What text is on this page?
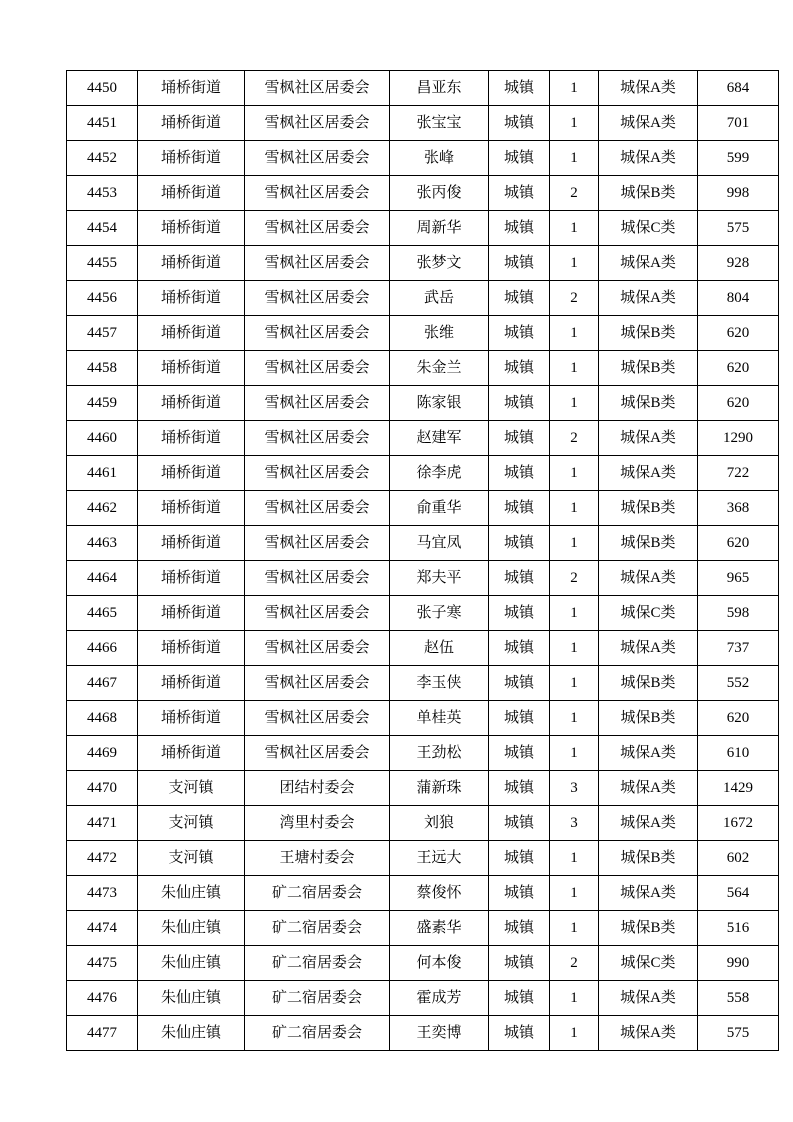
4450	埇桥街道	雪枫社区居委会	昌亚东	城镇	1	城保A类	684
4451	埇桥街道	雪枫社区居委会	张宝宝	城镇	1	城保A类	701
4452	埇桥街道	雪枫社区居委会	张峰	城镇	1	城保A类	599
4453	埇桥街道	雪枫社区居委会	张丙俊	城镇	2	城保B类	998
4454	埇桥街道	雪枫社区居委会	周新华	城镇	1	城保C类	575
4455	埇桥街道	雪枫社区居委会	张梦文	城镇	1	城保A类	928
4456	埇桥街道	雪枫社区居委会	武岳	城镇	2	城保A类	804
4457	埇桥街道	雪枫社区居委会	张维	城镇	1	城保B类	620
4458	埇桥街道	雪枫社区居委会	朱金兰	城镇	1	城保B类	620
4459	埇桥街道	雪枫社区居委会	陈家银	城镇	1	城保B类	620
4460	埇桥街道	雪枫社区居委会	赵建军	城镇	2	城保A类	1290
4461	埇桥街道	雪枫社区居委会	徐李虎	城镇	1	城保A类	722
4462	埇桥街道	雪枫社区居委会	俞重华	城镇	1	城保B类	368
4463	埇桥街道	雪枫社区居委会	马宜凤	城镇	1	城保B类	620
4464	埇桥街道	雪枫社区居委会	郑夫平	城镇	2	城保A类	965
4465	埇桥街道	雪枫社区居委会	张子寒	城镇	1	城保C类	598
4466	埇桥街道	雪枫社区居委会	赵伍	城镇	1	城保A类	737
4467	埇桥街道	雪枫社区居委会	李玉侠	城镇	1	城保B类	552
4468	埇桥街道	雪枫社区居委会	单桂英	城镇	1	城保B类	620
4469	埇桥街道	雪枫社区居委会	王劲松	城镇	1	城保A类	610
4470	支河镇	团结村委会	蒲新珠	城镇	3	城保A类	1429
4471	支河镇	湾里村委会	刘狼	城镇	3	城保A类	1672
4472	支河镇	王塘村委会	王远大	城镇	1	城保B类	602
4473	朱仙庄镇	矿二宿居委会	蔡俊怀	城镇	1	城保A类	564
4474	朱仙庄镇	矿二宿居委会	盛素华	城镇	1	城保B类	516
4475	朱仙庄镇	矿二宿居委会	何本俊	城镇	2	城保C类	990
4476	朱仙庄镇	矿二宿居委会	霍成芳	城镇	1	城保A类	558
4477	朱仙庄镇	矿二宿居委会	王奕博	城镇	1	城保A类	575
